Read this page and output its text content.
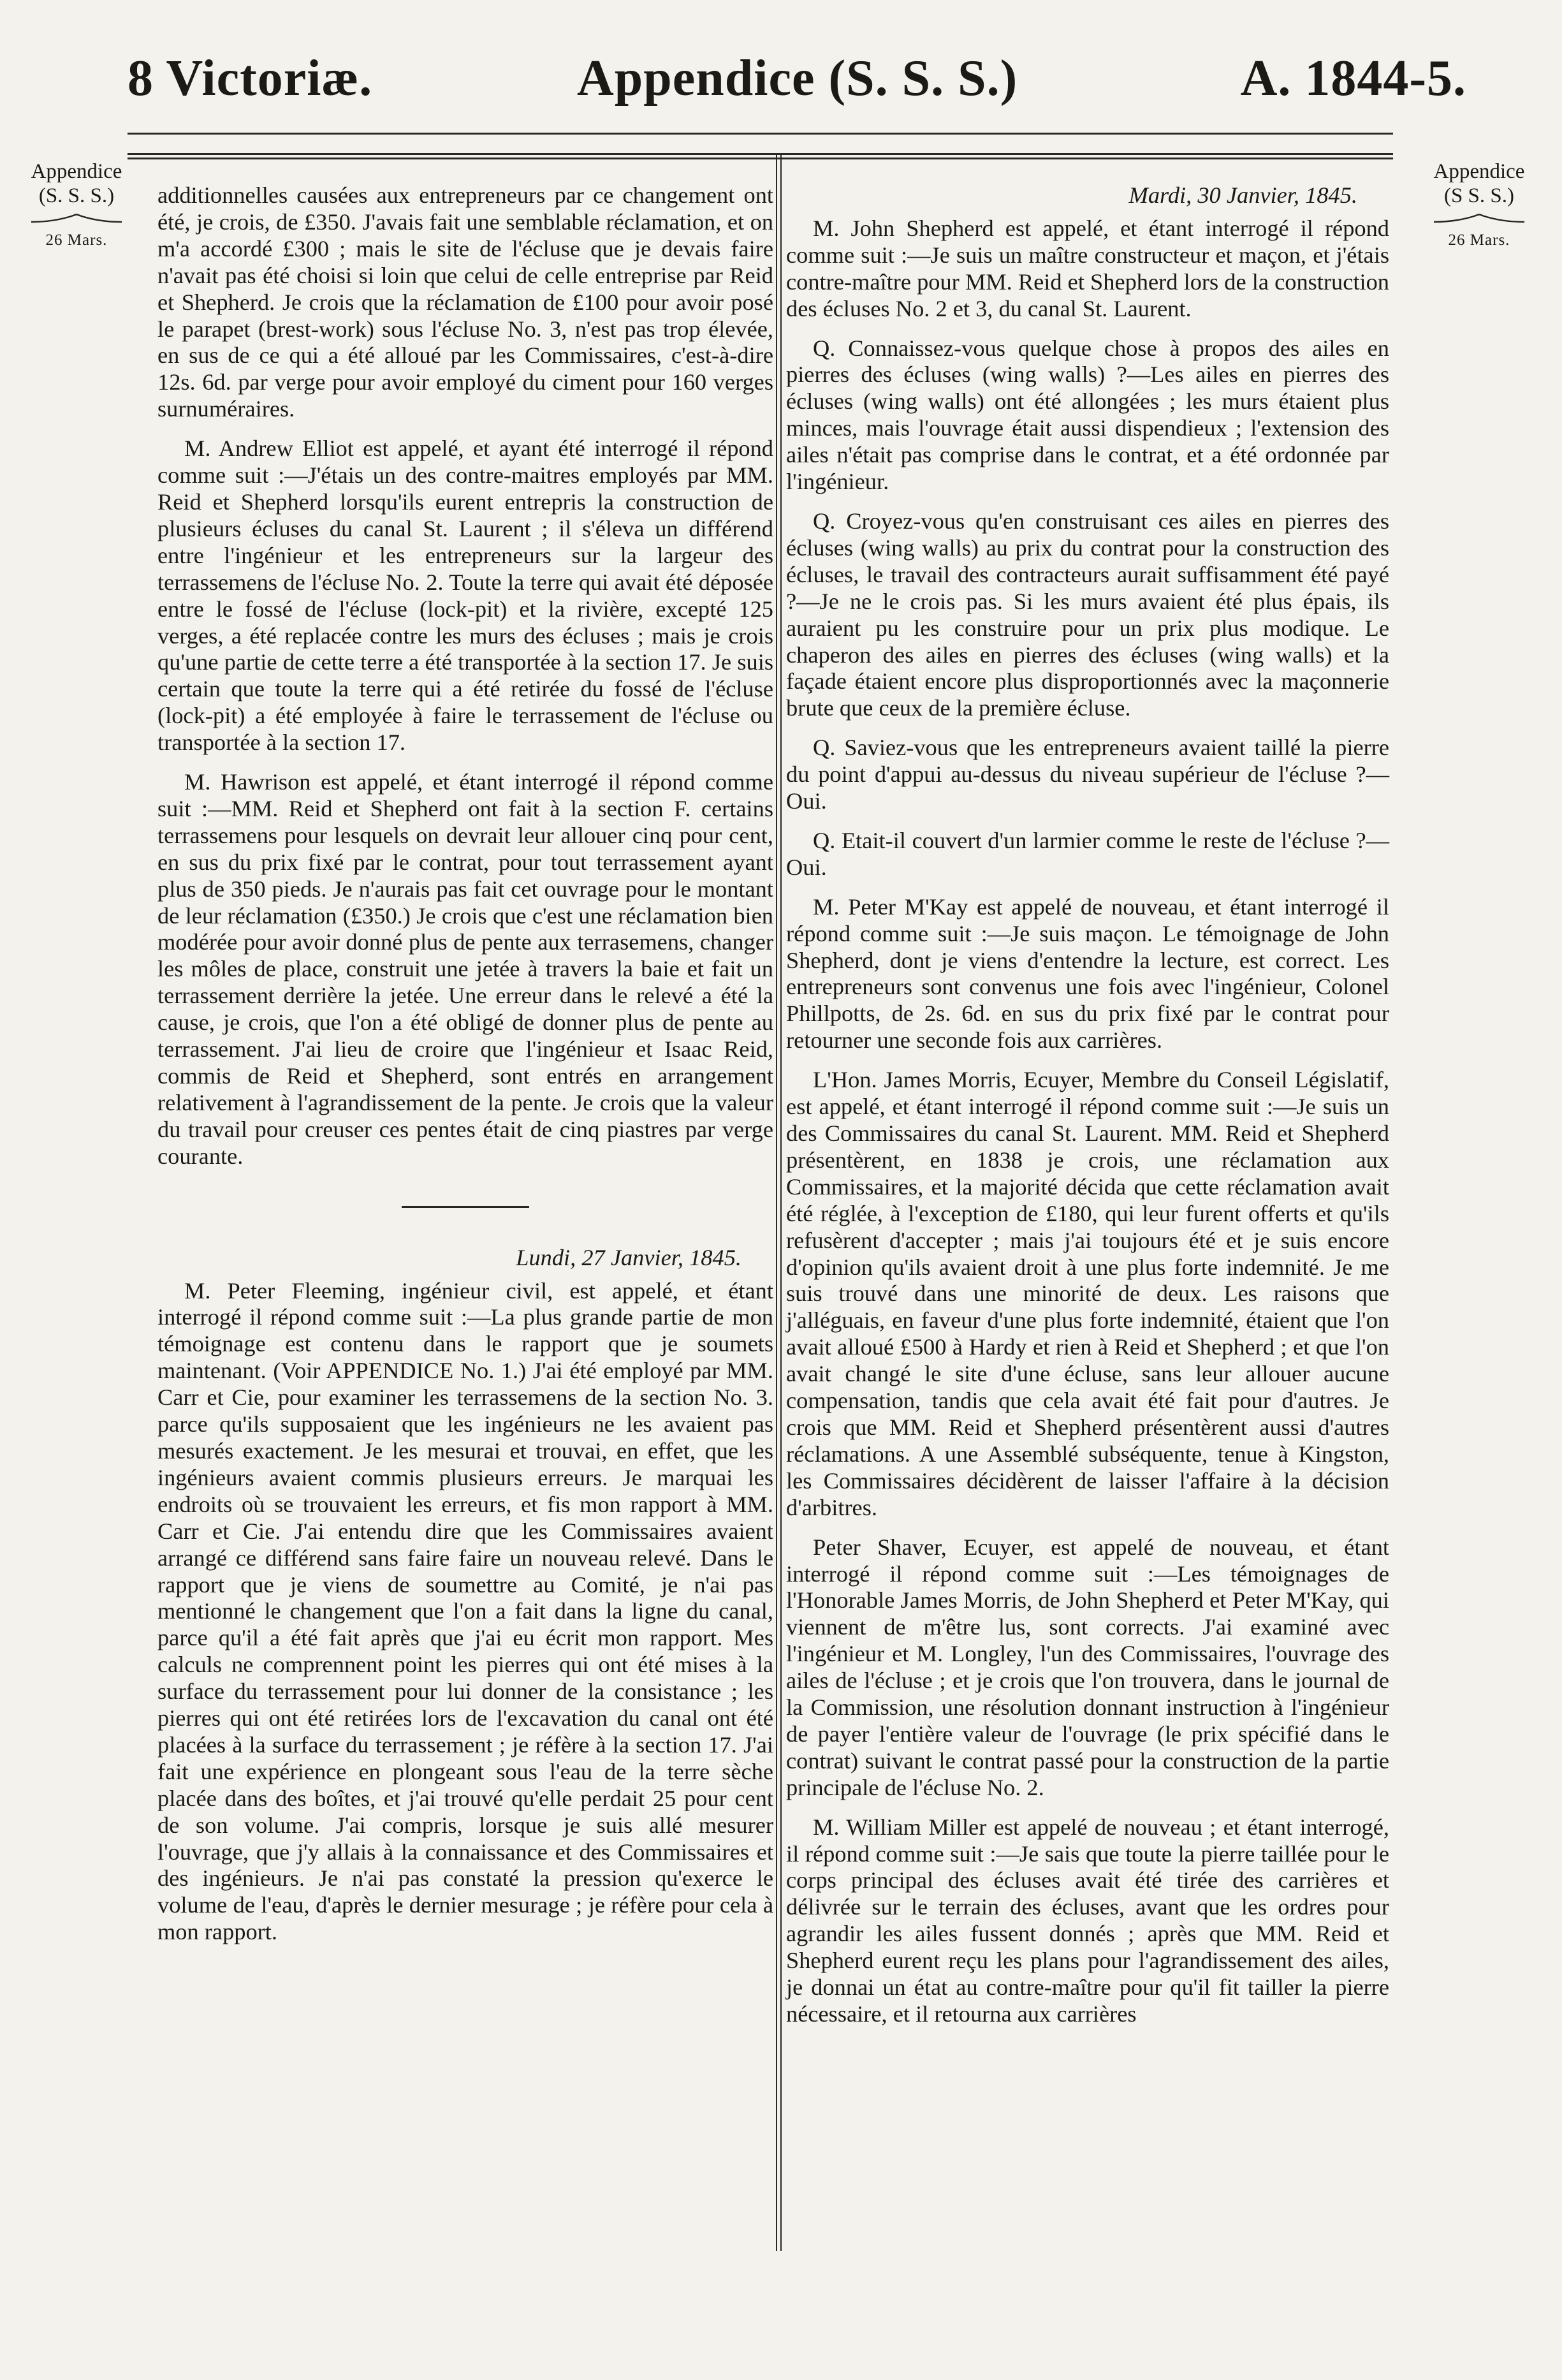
8 Victoriæ.	Appendice (S. S. S.)	A. 1844-5.
Appendice
(S. S. S.)
26 Mars.
Appendice
(S S. S.)
26 Mars.

additionnelles causées aux entrepreneurs par ce changement ont été, je crois, de £350. J'avais fait une semblable réclamation, et on m'a accordé £300 ; mais le site de l'écluse que je devais faire n'avait pas été choisi si loin que celui de celle entreprise par Reid et Shepherd. Je crois que la réclamation de £100 pour avoir posé le parapet (brest-work) sous l'écluse No. 3, n'est pas trop élevée, en sus de ce qui a été alloué par les Commissaires, c'est-à-dire 12s. 6d. par verge pour avoir employé du ciment pour 160 verges surnuméraires.

M. Andrew Elliot est appelé, et ayant été interrogé il répond comme suit :—J'étais un des contre-maitres employés par MM. Reid et Shepherd lorsqu'ils eurent entrepris la construction de plusieurs écluses du canal St. Laurent ; il s'éleva un différend entre l'ingénieur et les entrepreneurs sur la largeur des terrassemens de l'écluse No. 2. Toute la terre qui avait été déposée entre le fossé de l'écluse (lock-pit) et la rivière, excepté 125 verges, a été replacée contre les murs des écluses ; mais je crois qu'une partie de cette terre a été transportée à la section 17. Je suis certain que toute la terre qui a été retirée du fossé de l'écluse (lock-pit) a été employée à faire le terrassement de l'écluse ou transportée à la section 17.

M. Hawrison est appelé, et étant interrogé il répond comme suit :—MM. Reid et Shepherd ont fait à la section F. certains terrassemens pour lesquels on devrait leur allouer cinq pour cent, en sus du prix fixé par le contrat, pour tout terrassement ayant plus de 350 pieds. Je n'aurais pas fait cet ouvrage pour le montant de leur réclamation (£350.) Je crois que c'est une réclamation bien modérée pour avoir donné plus de pente aux terrasemens, changer les môles de place, construit une jetée à travers la baie et fait un terrassement derrière la jetée. Une erreur dans le relevé a été la cause, je crois, que l'on a été obligé de donner plus de pente au terrassement. J'ai lieu de croire que l'ingénieur et Isaac Reid, commis de Reid et Shepherd, sont entrés en arrangement relativement à l'agrandissement de la pente. Je crois que la valeur du travail pour creuser ces pentes était de cinq piastres par verge courante.

Lundi, 27 Janvier, 1845.

M. Peter Fleeming, ingénieur civil, est appelé, et étant interrogé il répond comme suit :—La plus grande partie de mon témoignage est contenu dans le rapport que je soumets maintenant. (Voir APPENDICE No. 1.) J'ai été employé par MM. Carr et Cie, pour examiner les terrassemens de la section No. 3. parce qu'ils supposaient que les ingénieurs ne les avaient pas mesurés exactement. Je les mesurai et trouvai, en effet, que les ingénieurs avaient commis plusieurs erreurs. Je marquai les endroits où se trouvaient les erreurs, et fis mon rapport à MM. Carr et Cie. J'ai entendu dire que les Commissaires avaient arrangé ce différend sans faire faire un nouveau relevé. Dans le rapport que je viens de soumettre au Comité, je n'ai pas mentionné le changement que l'on a fait dans la ligne du canal, parce qu'il a été fait après que j'ai eu écrit mon rapport. Mes calculs ne comprennent point les pierres qui ont été mises à la surface du terrassement pour lui donner de la consistance ; les pierres qui ont été retirées lors de l'excavation du canal ont été placées à la surface du terrassement ; je réfère à la section 17. J'ai fait une expérience en plongeant sous l'eau de la terre sèche placée dans des boîtes, et j'ai trouvé qu'elle perdait 25 pour cent de son volume. J'ai compris, lorsque je suis allé mesurer l'ouvrage, que j'y allais à la connaissance et des Commissaires et des ingénieurs. Je n'ai pas constaté la pression qu'exerce le volume de l'eau, d'après le dernier mesurage ; je réfère pour cela à mon rapport.

Mardi, 30 Janvier, 1845.

M. John Shepherd est appelé, et étant interrogé il répond comme suit :—Je suis un maître constructeur et maçon, et j'étais contre-maître pour MM. Reid et Shepherd lors de la construction des écluses No. 2 et 3, du canal St. Laurent.

Q. Connaissez-vous quelque chose à propos des ailes en pierres des écluses (wing walls) ?—Les ailes en pierres des écluses (wing walls) ont été allongées ; les murs étaient plus minces, mais l'ouvrage était aussi dispendieux ; l'extension des ailes n'était pas comprise dans le contrat, et a été ordonnée par l'ingénieur.

Q. Croyez-vous qu'en construisant ces ailes en pierres des écluses (wing walls) au prix du contrat pour la construction des écluses, le travail des contracteurs aurait suffisamment été payé ?—Je ne le crois pas. Si les murs avaient été plus épais, ils auraient pu les construire pour un prix plus modique. Le chaperon des ailes en pierres des écluses (wing walls) et la façade étaient encore plus disproportionnés avec la maçonnerie brute que ceux de la première écluse.

Q. Saviez-vous que les entrepreneurs avaient taillé la pierre du point d'appui au-dessus du niveau supérieur de l'écluse ?—Oui.

Q. Etait-il couvert d'un larmier comme le reste de l'écluse ?—Oui.

M. Peter M'Kay est appelé de nouveau, et étant interrogé il répond comme suit :—Je suis maçon. Le témoignage de John Shepherd, dont je viens d'entendre la lecture, est correct. Les entrepreneurs sont convenus une fois avec l'ingénieur, Colonel Phillpotts, de 2s. 6d. en sus du prix fixé par le contrat pour retourner une seconde fois aux carrières.

L'Hon. James Morris, Ecuyer, Membre du Conseil Législatif, est appelé, et étant interrogé il répond comme suit :—Je suis un des Commissaires du canal St. Laurent. MM. Reid et Shepherd présentèrent, en 1838 je crois, une réclamation aux Commissaires, et la majorité décida que cette réclamation avait été réglée, à l'exception de £180, qui leur furent offerts et qu'ils refusèrent d'accepter ; mais j'ai toujours été et je suis encore d'opinion qu'ils avaient droit à une plus forte indemnité. Je me suis trouvé dans une minorité de deux. Les raisons que j'alléguais, en faveur d'une plus forte indemnité, étaient que l'on avait alloué £500 à Hardy et rien à Reid et Shepherd ; et que l'on avait changé le site d'une écluse, sans leur allouer aucune compensation, tandis que cela avait été fait pour d'autres. Je crois que MM. Reid et Shepherd présentèrent aussi d'autres réclamations. A une Assemblé subséquente, tenue à Kingston, les Commissaires décidèrent de laisser l'affaire à la décision d'arbitres.

Peter Shaver, Ecuyer, est appelé de nouveau, et étant interrogé il répond comme suit :—Les témoignages de l'Honorable James Morris, de John Shepherd et Peter M'Kay, qui viennent de m'être lus, sont corrects. J'ai examiné avec l'ingénieur et M. Longley, l'un des Commissaires, l'ouvrage des ailes de l'écluse ; et je crois que l'on trouvera, dans le journal de la Commission, une résolution donnant instruction à l'ingénieur de payer l'entière valeur de l'ouvrage (le prix spécifié dans le contrat) suivant le contrat passé pour la construction de la partie principale de l'écluse No. 2.

M. William Miller est appelé de nouveau ; et étant interrogé, il répond comme suit :—Je sais que toute la pierre taillée pour le corps principal des écluses avait été tirée des carrières et délivrée sur le terrain des écluses, avant que les ordres pour agrandir les ailes fussent donnés ; après que MM. Reid et Shepherd eurent reçu les plans pour l'agrandissement des ailes, je donnai un état au contre-maître pour qu'il fit tailler la pierre nécessaire, et il retourna aux carrières
